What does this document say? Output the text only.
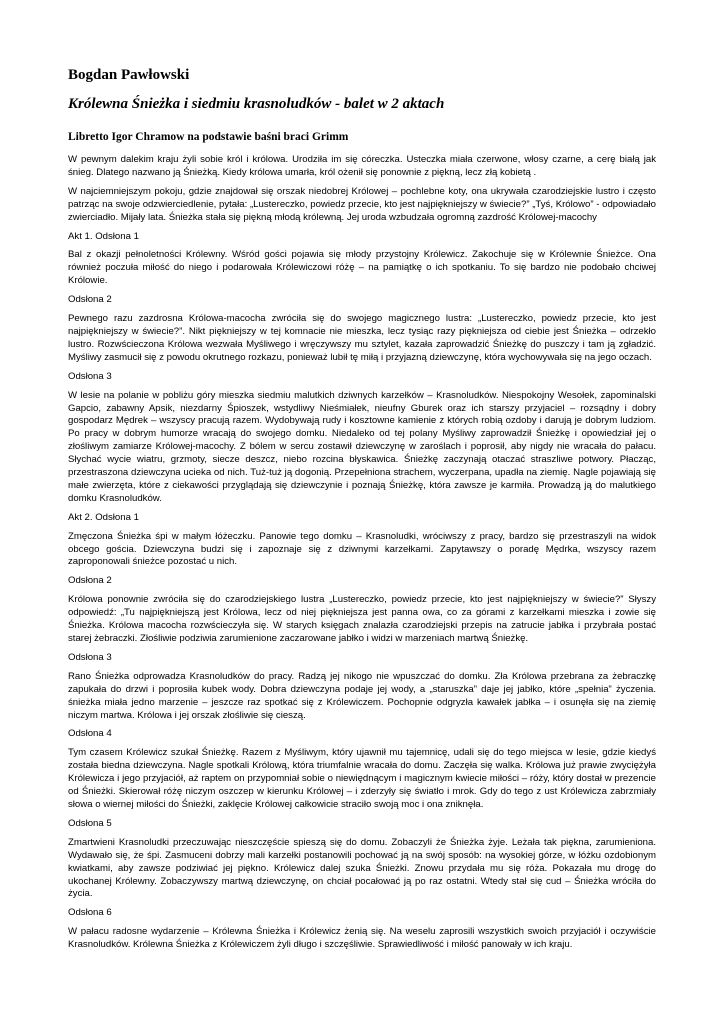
Bogdan Pawłowski
Królewna Śnieżka i siedmiu krasnoludków - balet w 2 aktach
Libretto Igor Chramow na podstawie baśni braci Grimm
W pewnym dalekim kraju żyli sobie król i królowa. Urodziła im się córeczka. Usteczka miała czerwone, włosy czarne, a cerę białą jak śnieg. Dlatego nazwano ją Śnieżką. Kiedy królowa umarła, król ożenił się ponownie z piękną, lecz złą kobietą .
W najciemniejszym pokoju, gdzie znajdował się orszak niedobrej Królowej – pochlebne koty, ona ukrywała czarodziejskie lustro i często patrząc na swoje odzwierciedlenie, pytała: „Lustereczko, powiedz przecie, kto jest najpiękniejszy w świecie?” „Tyś, Królowo” - odpowiadało zwierciadło. Mijały lata. Śnieżka stała się piękną młodą królewną. Jej uroda wzbudzała ogromną zazdrość Królowej-macochy
Akt 1. Odsłona 1
Bal z okazji pełnoletności Królewny. Wśród gości pojawia się młody przystojny Królewicz. Zakochuje się w Królewnie Śnieżce. Ona również poczuła miłość do niego i podarowała Królewiczowi różę – na pamiątkę o ich spotkaniu. To się bardzo nie podobało chciwej Królowie.
Odsłona 2
Pewnego razu zazdrosna Królowa-macocha zwróciła się do swojego magicznego lustra: „Lustereczko, powiedz przecie, kto jest najpiękniejszy w świecie?”. Nikt piękniejszy w tej komnacie nie mieszka, lecz tysiąc razy piękniejsza od ciebie jest Śnieżka – odrzekło lustro. Rozwścieczona Królowa wezwała Myśliwego i wręczywszy mu sztylet, kazała zaprowadzić Śnieżkę do puszczy i tam ją zgładzić. Myśliwy zasmucił się z powodu okrutnego rozkazu, ponieważ lubił tę miłą i przyjazną dziewczynę, która wychowywała się na jego oczach.
Odsłona 3
W lesie na polanie w pobliżu góry mieszka siedmiu malutkich dziwnych karzełków – Krasnoludków. Niespokojny Wesołek, zapominalski Gapcio, zabawny Apsik, niezdarny Śpioszek, wstydliwy Nieśmiałek, nieufny Gburek oraz ich starszy przyjaciel – rozsądny i dobry gospodarz Mędrek – wszyscy pracują razem. Wydobywają rudy i kosztowne kamienie z których robią ozdoby i darują je dobrym ludziom. Po pracy w dobrym humorze wracają do swojego domku. Niedaleko od tej polany Myśliwy zaprowadził Śnieżkę i opowiedział jej o złośliwym zamiarze Królowej-macochy. Z bólem w sercu zostawił dziewczynę w zaroślach i poprosił, aby nigdy nie wracała do pałacu. Słychać wycie wiatru, grzmoty, siecze deszcz, niebo rozcina błyskawica. Śnieżkę zaczynają otaczać straszliwe potwory. Płacząc, przestraszona dziewczyna ucieka od nich. Tuż-tuż ją dogonią. Przepełniona strachem, wyczerpana, upadła na ziemię. Nagle pojawiają się małe zwierzęta, które z ciekawości przyglądają się dziewczynie i poznają Śnieżkę, która zawsze je karmiła. Prowadzą ją do malutkiego domku Krasnoludków.
Akt 2. Odsłona 1
Zmęczona Śnieżka śpi w małym łóżeczku. Panowie tego domku – Krasnoludki, wróciwszy z pracy, bardzo się przestraszyli na widok obcego gościa. Dziewczyna budzi się i zapoznaje się z dziwnymi karzełkami. Zapytawszy o poradę Mędrka, wszyscy razem zaproponowali śnieżce pozostać u nich.
Odsłona 2
Królowa ponownie zwróciła się do czarodziejskiego lustra „Lustereczko, powiedz przecie, kto jest najpiękniejszy w świecie?” Słyszy odpowiedź: „Tu najpiękniejszą jest Królowa, lecz od niej piękniejsza jest panna owa, co za górami z karzełkami mieszka i zowie się Śnieżka. Królowa macocha rozwścieczyła się. W starych księgach znalazła czarodziejski przepis na zatrucie jabłka i przybrała postać starej żebraczki. Złośliwie podziwia zarumienione zaczarowane jabłko i widzi w marzeniach martwą Śnieżkę.
Odsłona 3
Rano Śnieżka odprowadza Krasnoludków do pracy. Radzą jej nikogo nie wpuszczać do domku. Zła Królowa przebrana za żebraczkę zapukała do drzwi i poprosiła kubek wody. Dobra dziewczyna podaje jej wody, a „staruszka” daje jej jabłko, które „spełnia” życzenia. śnieżka miała jedno marzenie – jeszcze raz spotkać się z Królewiczem. Pochopnie odgryzła kawałek jabłka – i osunęła się na ziemię niczym martwa. Królowa i jej orszak złośliwie się cieszą.
Odsłona 4
Tym czasem Królewicz szukał Śnieżkę. Razem z Myśliwym, który ujawnił mu tajemnicę, udali się do tego miejsca w lesie, gdzie kiedyś została biedna dziewczyna. Nagle spotkali Królową, która triumfalnie wracała do domu. Zaczęła się walka. Królowa już prawie zwyciężyła Królewicza i jego przyjaciół, aż raptem on przypomniał sobie o niewiędnącym i magicznym kwiecie miłości – róży, który dostał w prezencie od Śnieżki. Skierował różę niczym oszczep w kierunku Królowej – i zderzyły się światło i mrok. Gdy do tego z ust Królewicza zabrzmiały słowa o wiernej miłości do Śnieżki, zaklęcie Królowej całkowicie straciło swoją moc i ona zniknęła.
Odsłona 5
Zmartwieni Krasnoludki przeczuwając nieszczęście spieszą się do domu. Zobaczyli że Śnieżka żyje. Leżała tak piękna, zarumieniona. Wydawało się, że śpi. Zasmuceni dobrzy mali karzełki postanowili pochować ją na swój sposób: na wysokiej górze, w łóżku ozdobionym kwiatkami, aby zawsze podziwiać jej piękno. Królewicz dalej szuka Śnieżki. Znowu przydała mu się róża. Pokazała mu drogę do ukochanej Królewny. Zobaczywszy martwą dziewczynę, on chciał pocałować ją po raz ostatni. Wtedy stał się cud – Śnieżka wróciła do życia.
Odsłona 6
W pałacu radosne wydarzenie – Królewna Śnieżka i Królewicz żenią się. Na weselu zaprosili wszystkich swoich przyjaciół i oczywiście Krasnoludków. Królewna Śnieżka z Królewiczem żyli długo i szczęśliwie. Sprawiedliwość i miłość panowały w ich kraju.
